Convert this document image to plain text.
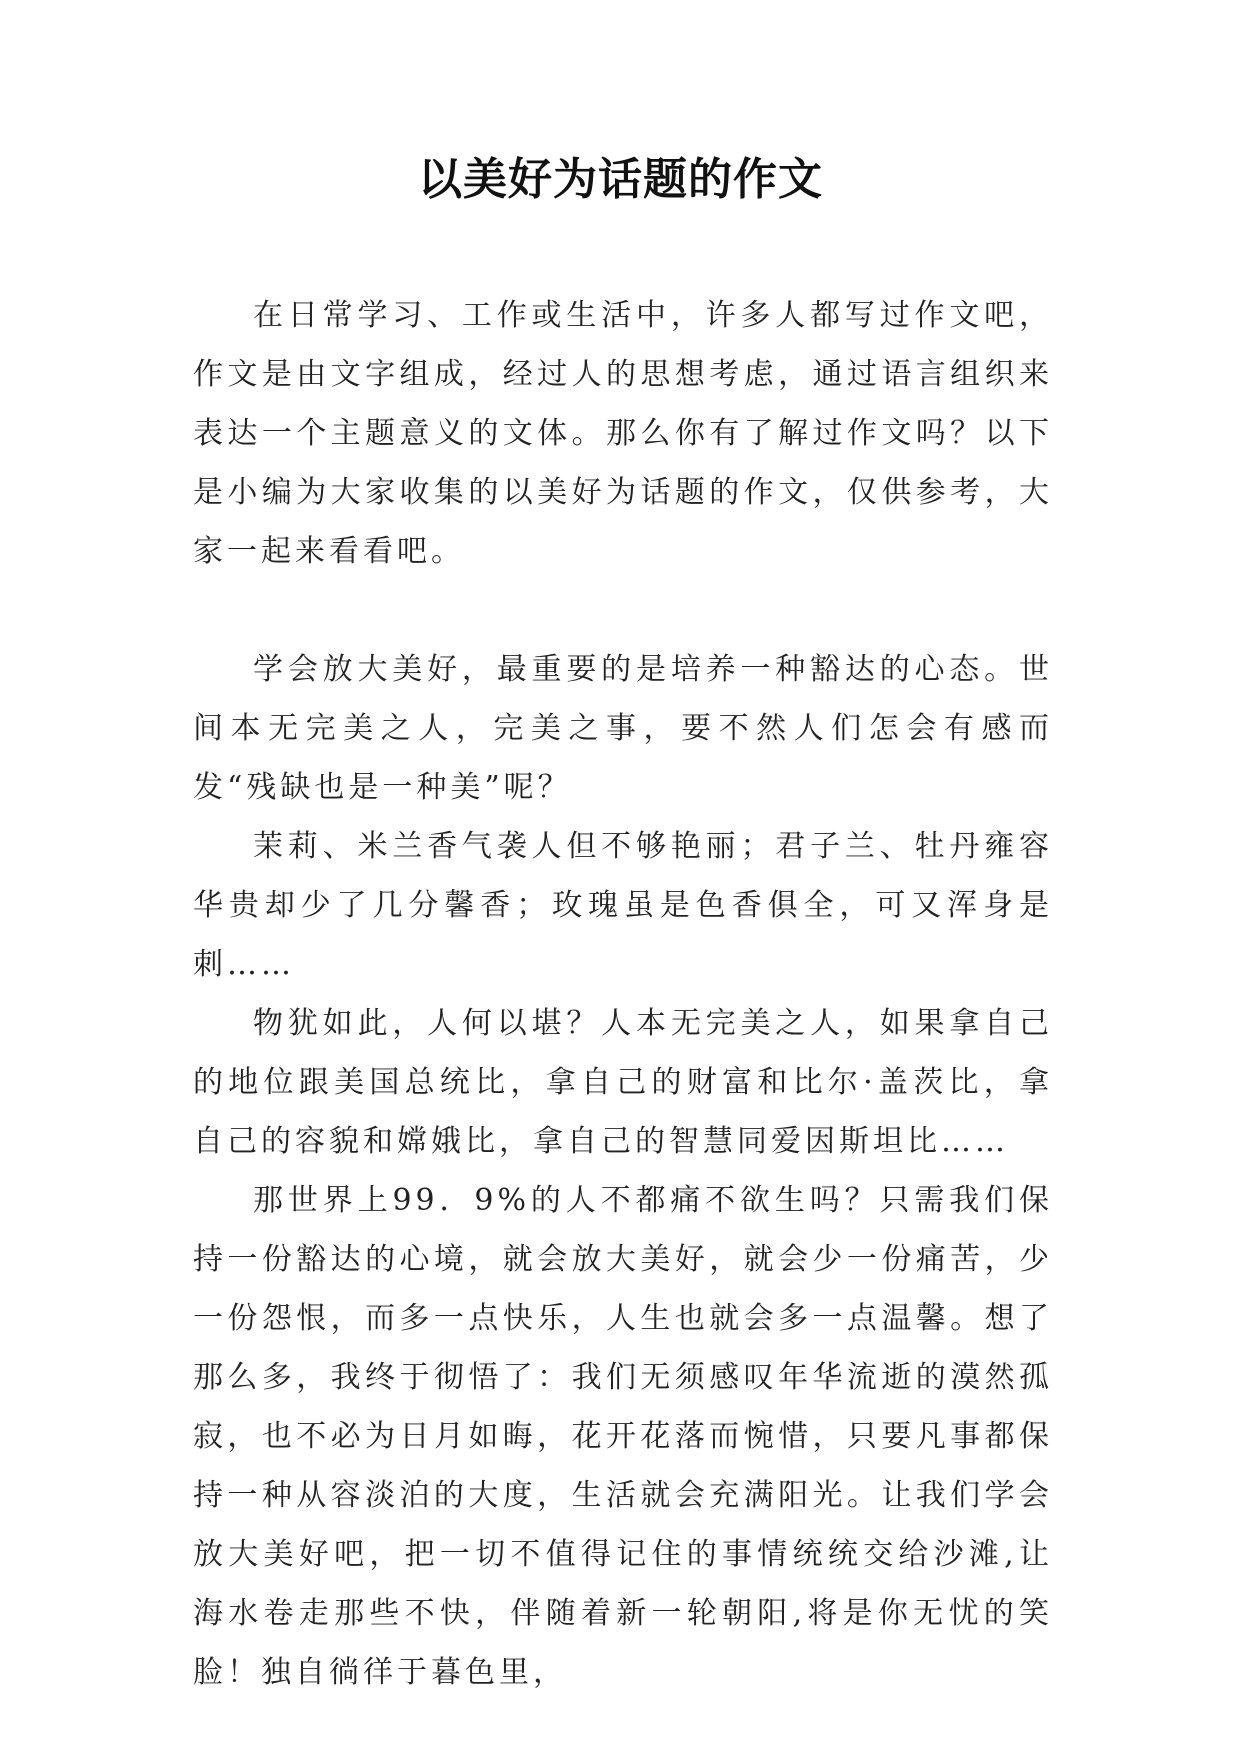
以美好为话题的作文

在日常学习、工作或生活中，许多人都写过作文吧，作文是由文字组成，经过人的思想考虑，通过语言组织来表达一个主题意义的文体。那么你有了解过作文吗？以下是小编为大家收集的以美好为话题的作文，仅供参考，大家一起来看看吧。

学会放大美好，最重要的是培养一种豁达的心态。世间本无完美之人，完美之事，要不然人们怎会有感而发“残缺也是一种美”呢？

茉莉、米兰香气袭人但不够艳丽；君子兰、牡丹雍容华贵却少了几分馨香；玫瑰虽是色香俱全，可又浑身是刺……

物犹如此，人何以堪？人本无完美之人，如果拿自己的地位跟美国总统比，拿自己的财富和比尔·盖茨比，拿自己的容貌和嫦娥比，拿自己的智慧同爱因斯坦比……

那世界上99．9%的人不都痛不欲生吗？只需我们保持一份豁达的心境，就会放大美好，就会少一份痛苦，少一份怨恨，而多一点快乐，人生也就会多一点温馨。想了那么多，我终于彻悟了：我们无须感叹年华流逝的漠然孤寂，也不必为日月如晦，花开花落而惋惜，只要凡事都保持一种从容淡泊的大度，生活就会充满阳光。让我们学会放大美好吧，把一切不值得记住的事情统统交给沙滩,让海水卷走那些不快，伴随着新一轮朝阳,将是你无忧的笑脸！独自徜徉于暮色里，
